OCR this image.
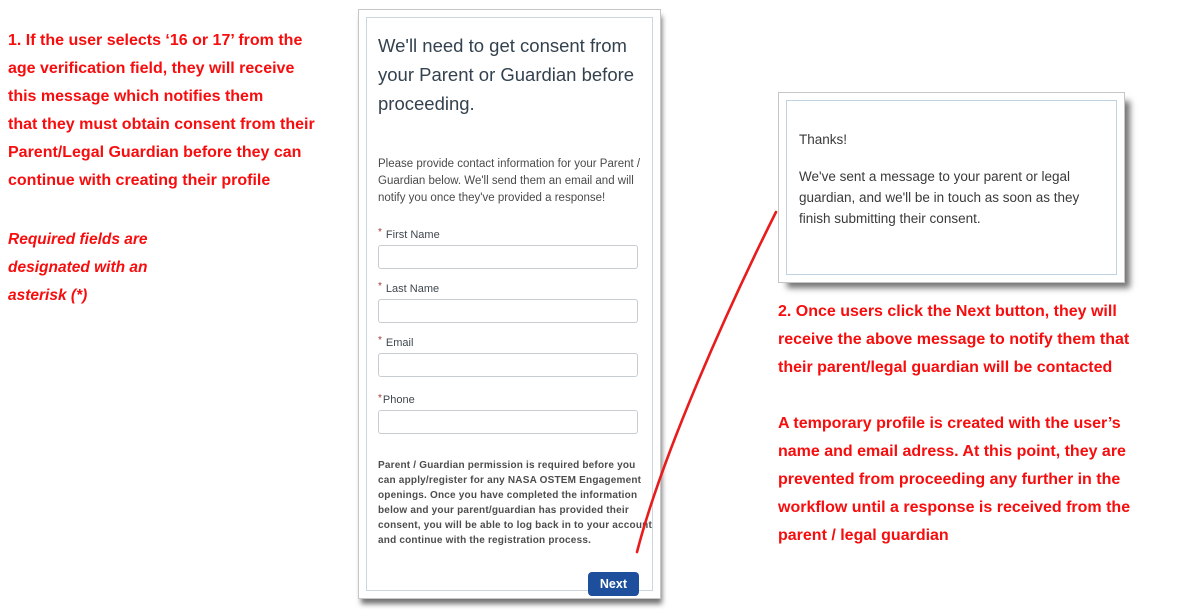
1. If the user selects ‘16 or 17’ from the
age verification field, they will receive
this message which notifies them
that they must obtain consent from their
Parent/Legal Guardian before they can
continue with creating their profile
Required fields are
designated with an
asterisk (*)
We'll need to get consent from your Parent or Guardian before proceeding.
Please provide contact information for your Parent / Guardian below. We'll send them an email and will notify you once they've provided a response!
* First Name
* Last Name
* Email
*Phone
Parent / Guardian permission is required before you can apply/register for any NASA OSTEM Engagement openings. Once you have completed the information below and your parent/guardian has provided their consent, you will be able to log back in to your account and continue with the registration process.
Next
Thanks!
We've sent a message to your parent or legal guardian, and we'll be in touch as soon as they finish submitting their consent.
2. Once users click the Next button, they will
receive the above message to notify them that
their parent/legal guardian will be contacted
A temporary profile is created with the user’s
name and email adress. At this point, they are
prevented from proceeding any further in the
workflow until a response is received from the
parent / legal guardian
